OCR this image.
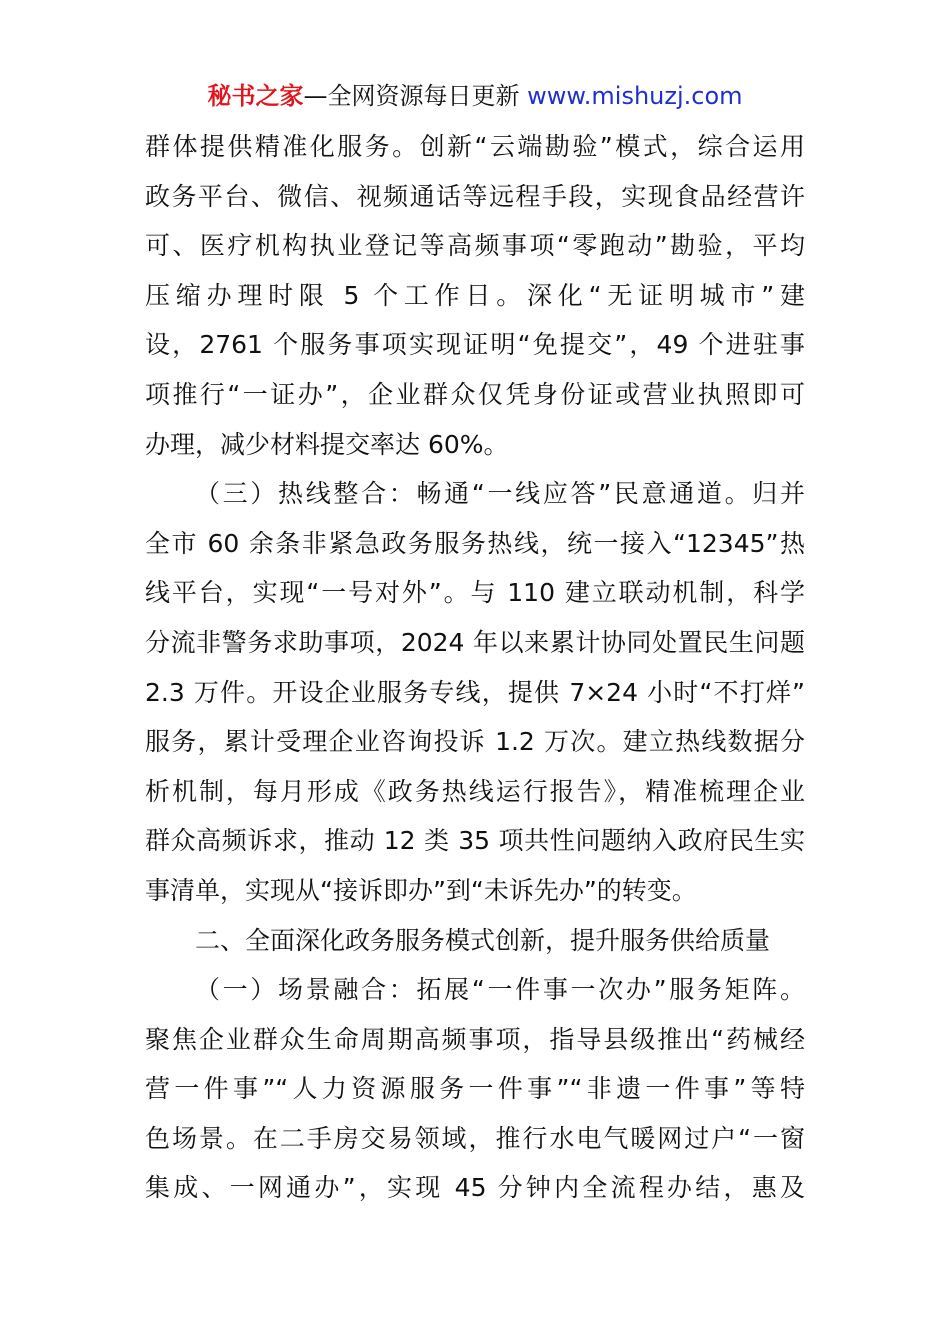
秘书之家—全网资源每日更新 www.mishuzj.com
群体提供精准化服务。创新“云端勘验”模式，综合运用
政务平台、微信、视频通话等远程手段，实现食品经营许
可、医疗机构执业登记等高频事项“零跑动”勘验，平均
压缩办理时限 5 个工作日。深化“无证明城市”建
设，2761 个服务事项实现证明“免提交”，49 个进驻事
项推行“一证办”，企业群众仅凭身份证或营业执照即可
办理，减少材料提交率达 60%。
（三）热线整合：畅通“一线应答”民意通道。归并
全市 60 余条非紧急政务服务热线，统一接入“12345”热
线平台，实现“一号对外”。与 110 建立联动机制，科学
分流非警务求助事项，2024 年以来累计协同处置民生问题
2.3 万件。开设企业服务专线，提供 7×24 小时“不打烊”
服务，累计受理企业咨询投诉 1.2 万次。建立热线数据分
析机制，每月形成《政务热线运行报告》，精准梳理企业
群众高频诉求，推动 12 类 35 项共性问题纳入政府民生实
事清单，实现从“接诉即办”到“未诉先办”的转变。
二、全面深化政务服务模式创新，提升服务供给质量
（一）场景融合：拓展“一件事一次办”服务矩阵。
聚焦企业群众生命周期高频事项，指导县级推出“药械经
营一件事”“人力资源服务一件事”“非遗一件事”等特
色场景。在二手房交易领域，推行水电气暖网过户“一窗
集成、一网通办”，实现 45 分钟内全流程办结，惠及
